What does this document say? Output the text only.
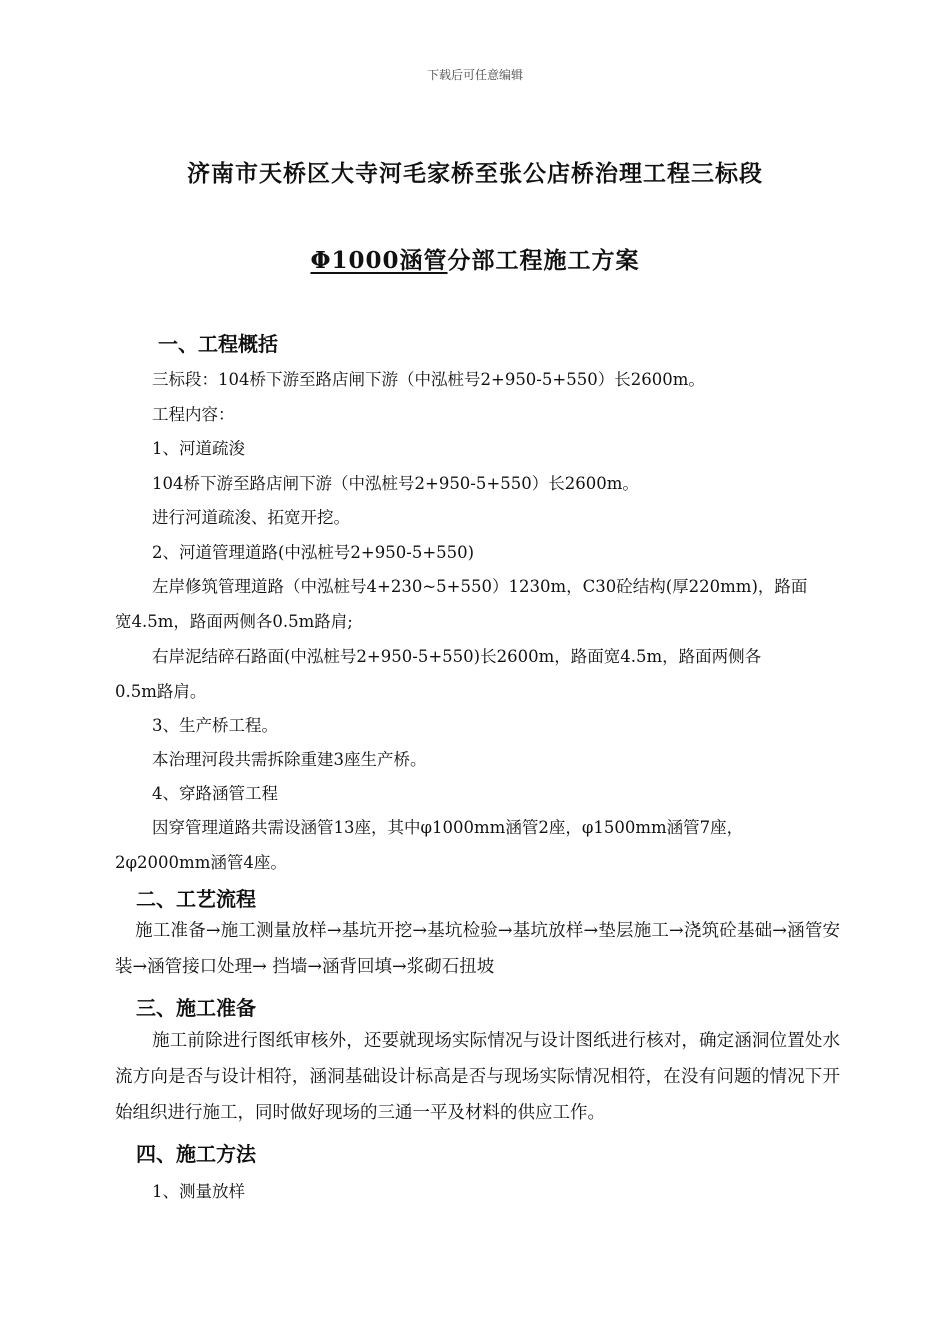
下载后可任意编辑
济南市天桥区大寺河毛家桥至张公店桥治理工程三标段
Φ1000涵管分部工程施工方案
一、工程概括
三标段：104桥下游至路店闸下游（中泓桩号2+950-5+550）长2600m。
工程内容：
1、河道疏浚
104桥下游至路店闸下游（中泓桩号2+950-5+550）长2600m。
进行河道疏浚、拓宽开挖。
2、河道管理道路(中泓桩号2+950-5+550)
左岸修筑管理道路（中泓桩号4+230~5+550）1230m，C30砼结构(厚220mm)，路面
宽4.5m，路面两侧各0.5m路肩;
右岸泥结碎石路面(中泓桩号2+950-5+550)长2600m，路面宽4.5m，路面两侧各
0.5m路肩。
3、生产桥工程。
本治理河段共需拆除重建3座生产桥。
4、穿路涵管工程
因穿管理道路共需设涵管13座，其中φ1000mm涵管2座，φ1500mm涵管7座，
2φ2000mm涵管4座。
二、工艺流程
施工准备→施工测量放样→基坑开挖→基坑检验→基坑放样→垫层施工→浇筑砼基础→涵管安装→涵管接口处理→ 挡墙→涵背回填→浆砌石扭坡
三、施工准备
施工前除进行图纸审核外，还要就现场实际情况与设计图纸进行核对，确定涵洞位置处水流方向是否与设计相符，涵洞基础设计标高是否与现场实际情况相符，在没有问题的情况下开始组织进行施工，同时做好现场的三通一平及材料的供应工作。
四、施工方法
1、测量放样
